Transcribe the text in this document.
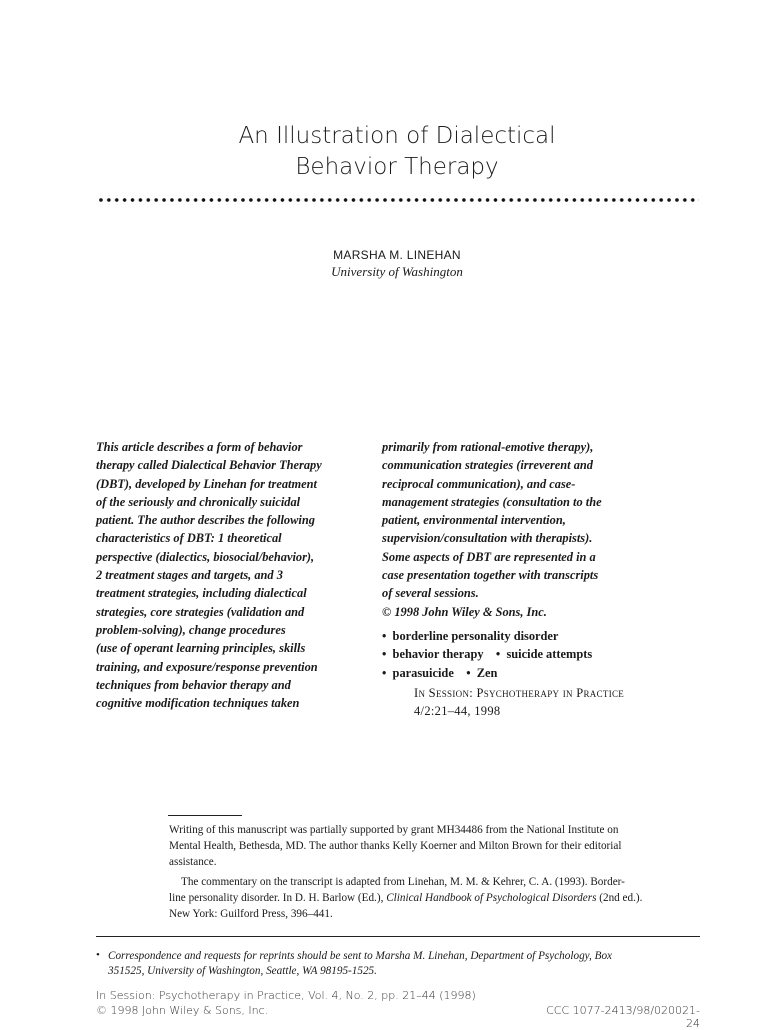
An Illustration of Dialectical
Behavior Therapy
MARSHA M. LINEHAN
University of Washington
This article describes a form of behavior
therapy called Dialectical Behavior Therapy
(DBT), developed by Linehan for treatment
of the seriously and chronically suicidal
patient. The author describes the following
characteristics of DBT: 1 theoretical
perspective (dialectics, biosocial/behavior),
2 treatment stages and targets, and 3
treatment strategies, including dialectical
strategies, core strategies (validation and
problem-solving), change procedures
(use of operant learning principles, skills
training, and exposure/response prevention
techniques from behavior therapy and
cognitive modification techniques taken
primarily from rational-emotive therapy),
communication strategies (irreverent and
reciprocal communication), and case-
management strategies (consultation to the
patient, environmental intervention,
supervision/consultation with therapists).
Some aspects of DBT are represented in a
case presentation together with transcripts
of several sessions.
© 1998 John Wiley & Sons, Inc.
• borderline personality disorder
• behavior therapy • suicide attempts
• parasuicide • Zen
In Session: Psychotherapy in Practice
4/2:21–44, 1998
Writing of this manuscript was partially supported by grant MH34486 from the National Institute on
Mental Health, Bethesda, MD. The author thanks Kelly Koerner and Milton Brown for their editorial
assistance.
The commentary on the transcript is adapted from Linehan, M. M. & Kehrer, C. A. (1993). Border-
line personality disorder. In D. H. Barlow (Ed.), Clinical Handbook of Psychological Disorders (2nd ed.).
New York: Guilford Press, 396–441.
• Correspondence and requests for reprints should be sent to Marsha M. Linehan, Department of Psychology, Box
351525, University of Washington, Seattle, WA 98195-1525.
In Session: Psychotherapy in Practice, Vol. 4, No. 2, pp. 21–44 (1998)
© 1998 John Wiley & Sons, Inc.	CCC 1077-2413/98/020021-24
